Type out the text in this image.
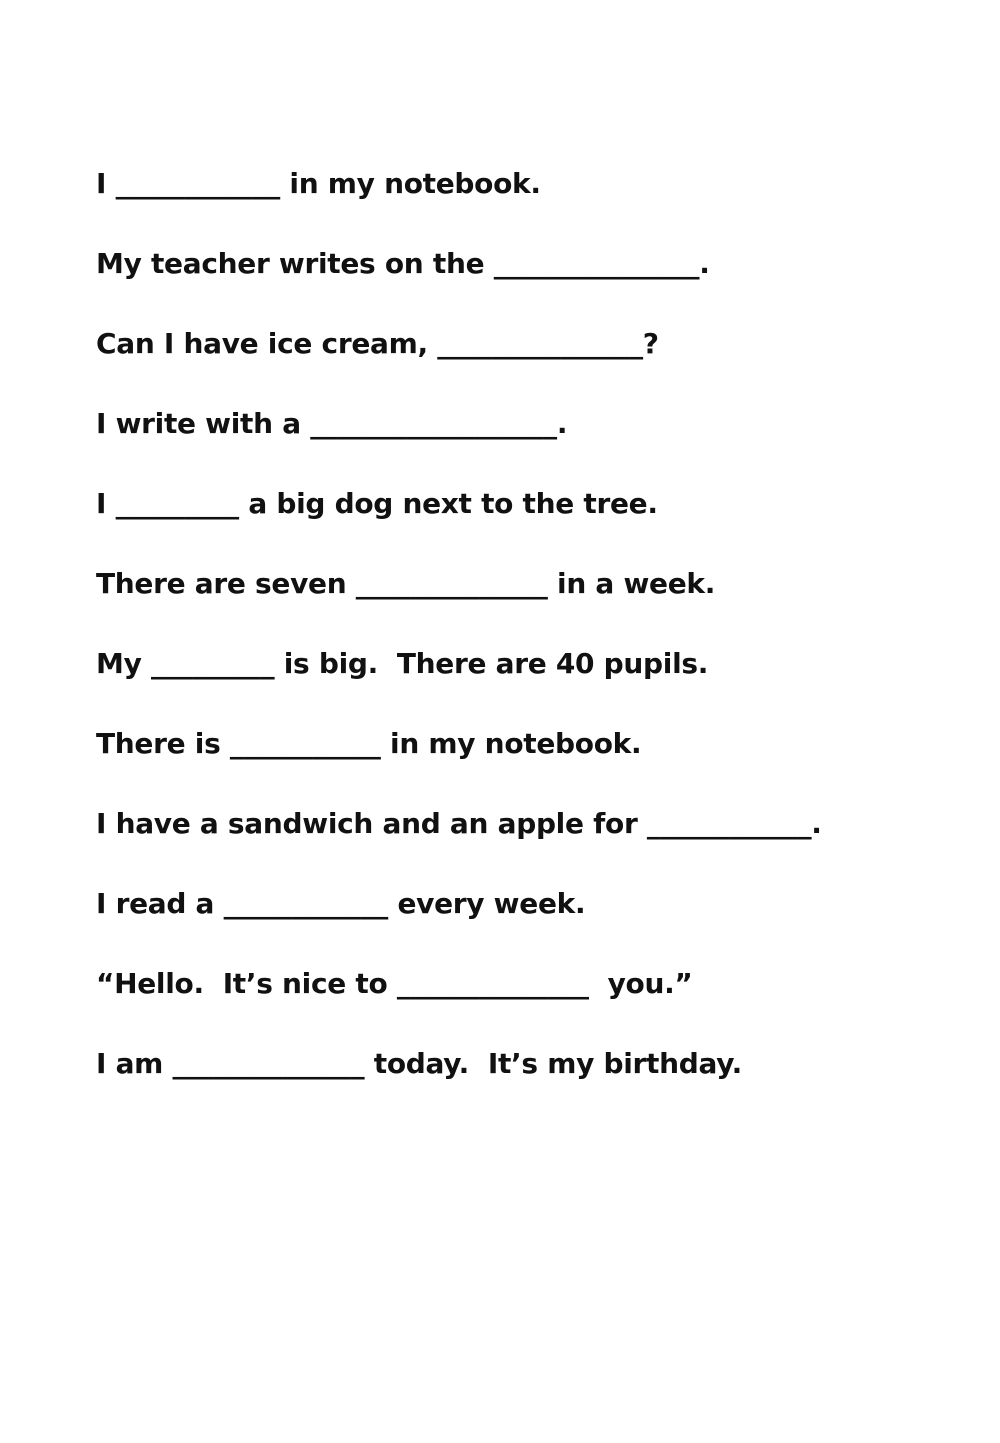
I ____________ in my notebook.
My teacher writes on the _______________.
Can I have ice cream, _______________?
I write with a __________________.
I _________ a big dog next to the tree.
There are seven ______________ in a week.
My _________ is big.  There are 40 pupils.
There is ___________ in my notebook.
I have a sandwich and an apple for ____________.
I read a ____________ every week.
“Hello.  It’s nice to ______________  you.”
I am ______________ today.  It’s my birthday.
